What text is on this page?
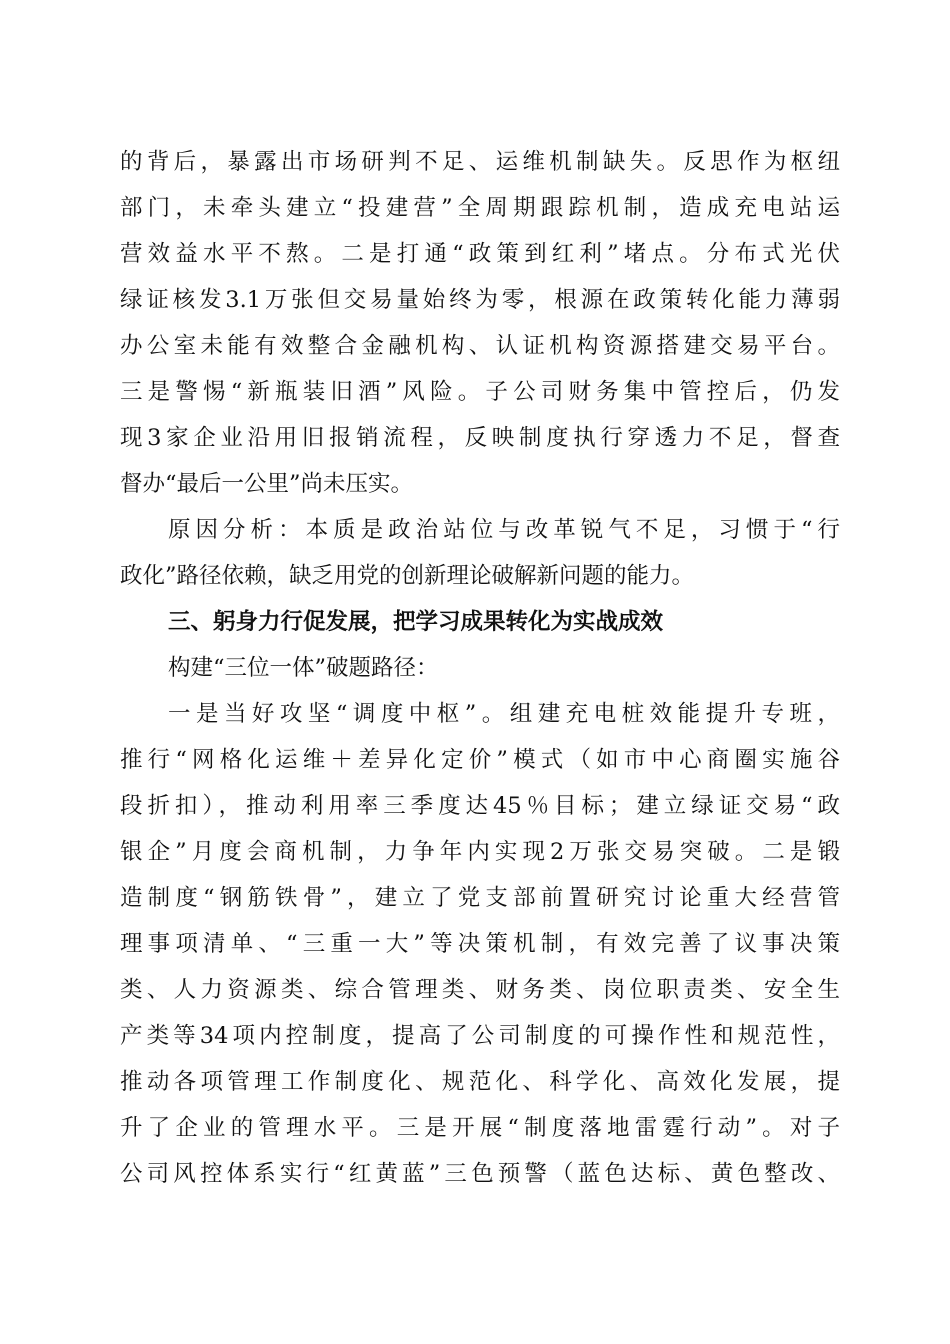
的背后，暴露出市场研判不足、运维机制缺失。反思作为枢纽
部门，未牵头建立“投建营”全周期跟踪机制，造成充电站运
营效益水平不熬。二是打通“政策到红利”堵点。分布式光伏
绿证核发3.1万张但交易量始终为零，根源在政策转化能力薄弱
办公室未能有效整合金融机构、认证机构资源搭建交易平台。
三是警惕“新瓶装旧酒”风险。子公司财务集中管控后，仍发
现3家企业沿用旧报销流程，反映制度执行穿透力不足，督查
督办“最后一公里”尚未压实。
原因分析：本质是政治站位与改革锐气不足，习惯于“行
政化”路径依赖，缺乏用党的创新理论破解新问题的能力。
三、躬身力行促发展，把学习成果转化为实战成效
构建“三位一体”破题路径：
一是当好攻坚“调度中枢”。组建充电桩效能提升专班，
推行“网格化运维＋差异化定价”模式（如市中心商圈实施谷
段折扣），推动利用率三季度达45％目标；建立绿证交易“政
银企”月度会商机制，力争年内实现2万张交易突破。二是锻
造制度“钢筋铁骨”，建立了党支部前置研究讨论重大经营管
理事项清单、“三重一大”等决策机制，有效完善了议事决策
类、人力资源类、综合管理类、财务类、岗位职责类、安全生
产类等34项内控制度，提高了公司制度的可操作性和规范性，
推动各项管理工作制度化、规范化、科学化、高效化发展，提
升了企业的管理水平。三是开展“制度落地雷霆行动”。对子
公司风控体系实行“红黄蓝”三色预警（蓝色达标、黄色整改、
